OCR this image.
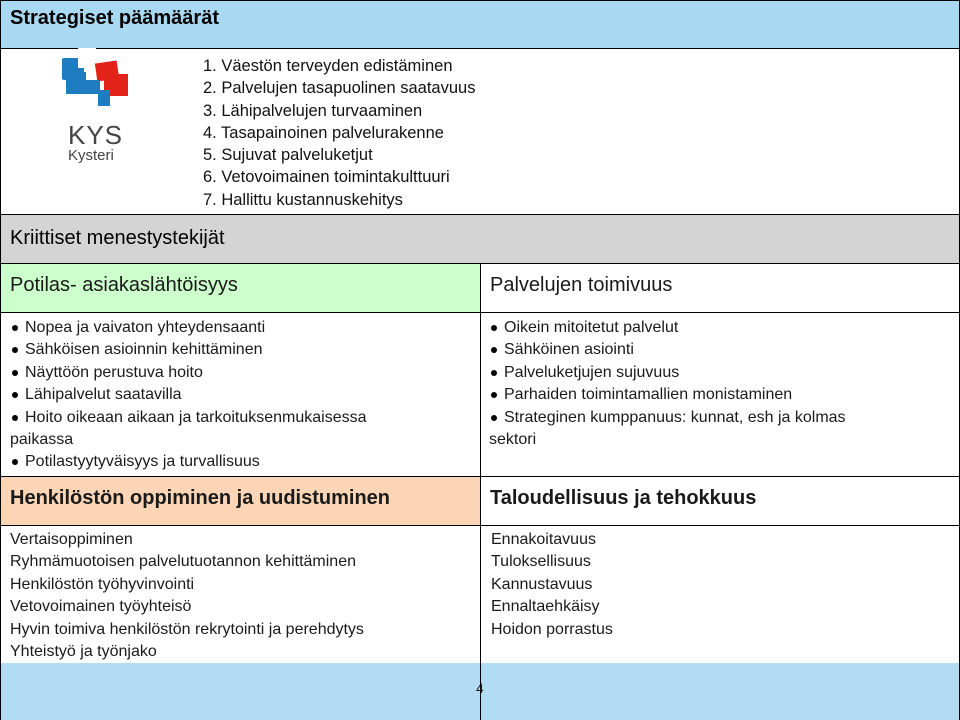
Strategiset päämäärät
KYS
Kysteri
1. Väestön terveyden edistäminen
2. Palvelujen tasapuolinen saatavuus
3. Lähipalvelujen turvaaminen
4. Tasapainoinen palvelurakenne
5. Sujuvat palveluketjut
6. Vetovoimainen toimintakulttuuri
7. Hallittu kustannuskehitys
Kriittiset menestystekijät
Potilas- asiakaslähtöisyys	Palvelujen toimivuus
Nopea ja vaivaton yhteydensaanti
Sähköisen asioinnin kehittäminen
Näyttöön perustuva hoito
Lähipalvelut saatavilla
Hoito oikeaan aikaan ja tarkoituksenmukaisessa
paikassa
Potilastyytyväisyys ja turvallisuus
Oikein mitoitetut palvelut
Sähköinen asiointi
Palveluketjujen sujuvuus
Parhaiden toimintamallien monistaminen
Strateginen kumppanuus: kunnat, esh ja kolmas
sektori
Henkilöstön oppiminen ja uudistuminen	Taloudellisuus ja tehokkuus
Vertaisoppiminen
Ryhmämuotoisen palvelutuotannon kehittäminen
Henkilöstön työhyvinvointi
Vetovoimainen työyhteisö
Hyvin toimiva henkilöstön rekrytointi ja perehdytys
Yhteistyö ja työnjako
Ennakoitavuus
Tuloksellisuus
Kannustavuus
Ennaltaehkäisy
Hoidon porrastus
4
